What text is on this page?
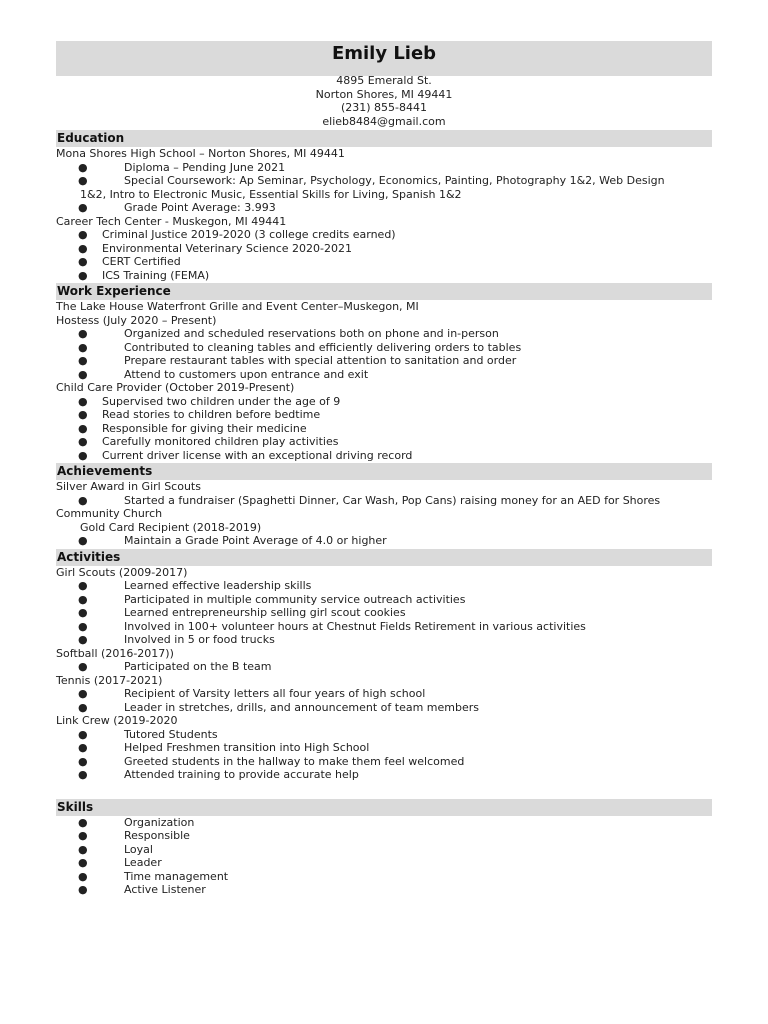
Emily Lieb
4895 Emerald St.
Norton Shores, MI 49441
(231) 855-8441
elieb8484@gmail.com
Education
Mona Shores High School – Norton Shores, MI 49441
●	Diploma – Pending June 2021
●	Special Coursework: Ap Seminar, Psychology, Economics, Painting, Photography 1&2, Web Design
1&2, Intro to Electronic Music, Essential Skills for Living, Spanish 1&2
●	Grade Point Average: 3.993
Career Tech Center - Muskegon, MI 49441
●	Criminal Justice 2019-2020 (3 college credits earned)
●	Environmental Veterinary Science 2020-2021
●	CERT Certified
●	ICS Training (FEMA)
Work Experience
The Lake House Waterfront Grille and Event Center–Muskegon, MI
Hostess (July 2020 – Present)
●	Organized and scheduled reservations both on phone and in-person
●	Contributed to cleaning tables and efficiently delivering orders to tables
●	Prepare restaurant tables with special attention to sanitation and order
●	Attend to customers upon entrance and exit
Child Care Provider (October 2019-Present)
●	Supervised two children under the age of 9
●	Read stories to children before bedtime
●	Responsible for giving their medicine
●	Carefully monitored children play activities
●	Current driver license with an exceptional driving record
Achievements
Silver Award in Girl Scouts
●	Started a fundraiser (Spaghetti Dinner, Car Wash, Pop Cans) raising money for an AED for Shores
Community Church
Gold Card Recipient (2018-2019)
●	Maintain a Grade Point Average of 4.0 or higher
Activities
Girl Scouts (2009-2017)
●	Learned effective leadership skills
●	Participated in multiple community service outreach activities
●	Learned entrepreneurship selling girl scout cookies
●	Involved in 100+ volunteer hours at Chestnut Fields Retirement in various activities
●	Involved in 5 or food trucks
Softball (2016-2017))
●	Participated on the B team
Tennis (2017-2021)
●	Recipient of Varsity letters all four years of high school
●	Leader in stretches, drills, and announcement of team members
Link Crew (2019-2020
●	Tutored Students
●	Helped Freshmen transition into High School
●	Greeted students in the hallway to make them feel welcomed
●	Attended training to provide accurate help
Skills
●	Organization
●	Responsible
●	Loyal
●	Leader
●	Time management
●	Active Listener
